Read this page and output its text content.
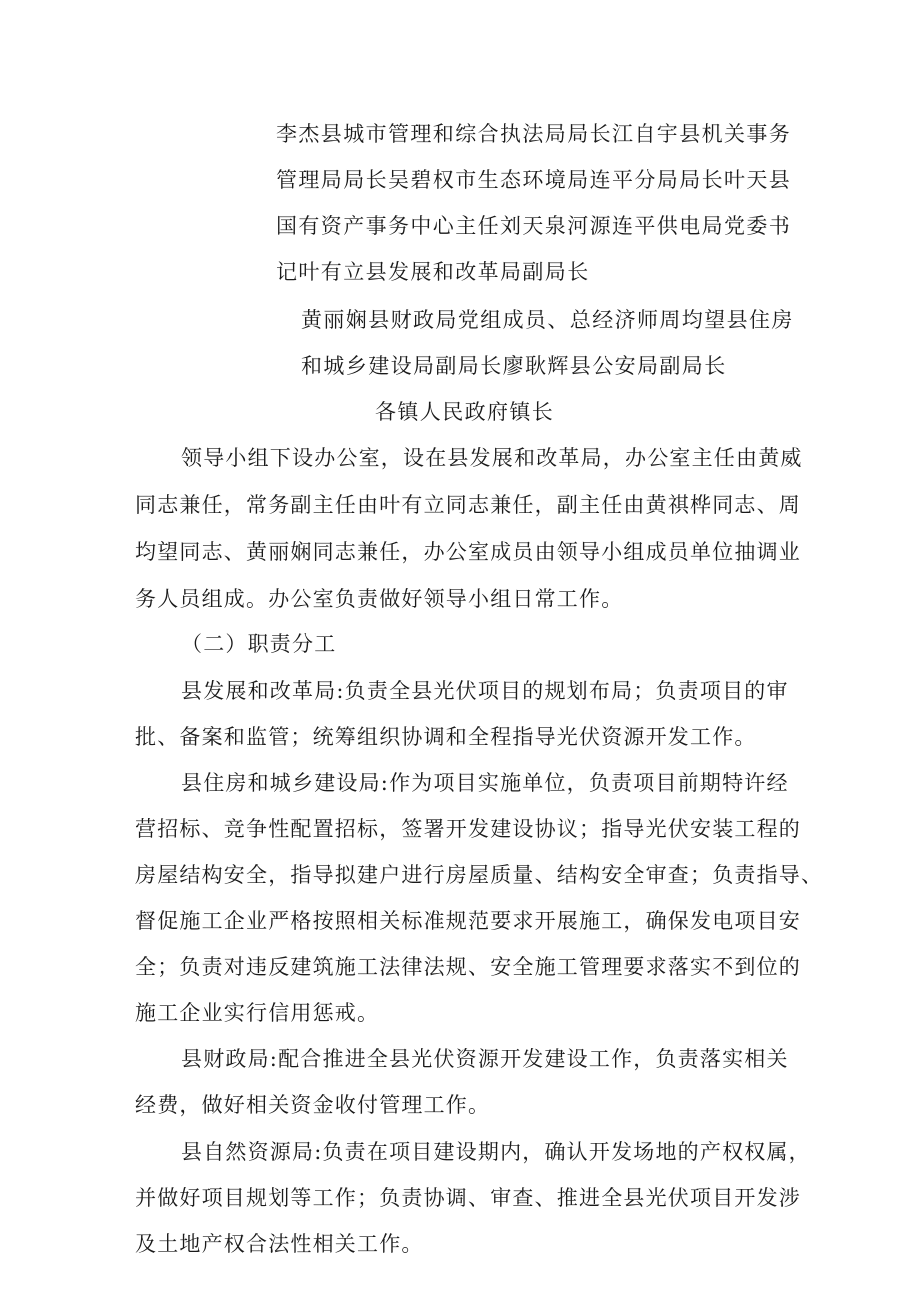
李杰县城市管理和综合执法局局长江自宇县机关事务
管理局局长吴碧权市生态环境局连平分局局长叶天县
国有资产事务中心主任刘天泉河源连平供电局党委书
记叶有立县发展和改革局副局长
黄丽娴县财政局党组成员、总经济师周均望县住房
和城乡建设局副局长廖耿辉县公安局副局长
各镇人民政府镇长
领导小组下设办公室，设在县发展和改革局，办公室主任由黄威
同志兼任，常务副主任由叶有立同志兼任，副主任由黄祺桦同志、周
均望同志、黄丽娴同志兼任，办公室成员由领导小组成员单位抽调业
务人员组成。办公室负责做好领导小组日常工作。
（二）职责分工
县发展和改革局:负责全县光伏项目的规划布局；负责项目的审
批、备案和监管；统筹组织协调和全程指导光伏资源开发工作。
县住房和城乡建设局:作为项目实施单位，负责项目前期特许经
营招标、竞争性配置招标，签署开发建设协议；指导光伏安装工程的
房屋结构安全，指导拟建户进行房屋质量、结构安全审查；负责指导、
督促施工企业严格按照相关标准规范要求开展施工，确保发电项目安
全；负责对违反建筑施工法律法规、安全施工管理要求落实不到位的
施工企业实行信用惩戒。
县财政局:配合推进全县光伏资源开发建设工作，负责落实相关
经费，做好相关资金收付管理工作。
县自然资源局:负责在项目建设期内，确认开发场地的产权权属，
并做好项目规划等工作；负责协调、审查、推进全县光伏项目开发涉
及土地产权合法性相关工作。
